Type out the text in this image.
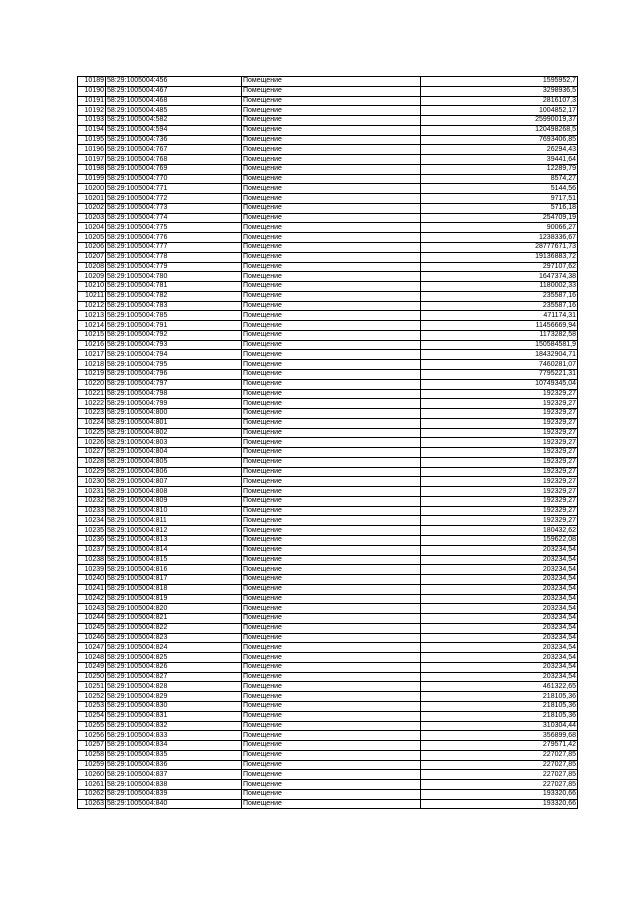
10189	58:29:1005004:456	Помещение	1595952,7
10190	58:29:1005004:467	Помещение	3298936,5
10191	58:29:1005004:468	Помещение	2816107,3
10192	58:29:1005004:485	Помещение	1004852,17
10193	58:29:1005004:582	Помещение	25990019,37
10194	58:29:1005004:594	Помещение	120498268,5
10195	58:29:1005004:736	Помещение	7693406,85
10196	58:29:1005004:767	Помещение	26294,43
10197	58:29:1005004:768	Помещение	39441,64
10198	58:29:1005004:769	Помещение	12289,79
10199	58:29:1005004:770	Помещение	8574,27
10200	58:29:1005004:771	Помещение	5144,56
10201	58:29:1005004:772	Помещение	9717,51
10202	58:29:1005004:773	Помещение	5716,18
10203	58:29:1005004:774	Помещение	254709,19
10204	58:29:1005004:775	Помещение	90066,27
10205	58:29:1005004:776	Помещение	1238336,67
10206	58:29:1005004:777	Помещение	28777671,73
10207	58:29:1005004:778	Помещение	19136883,72
10208	58:29:1005004:779	Помещение	297107,62
10209	58:29:1005004:780	Помещение	1647374,38
10210	58:29:1005004:781	Помещение	1180002,33
10211	58:29:1005004:782	Помещение	235587,16
10212	58:29:1005004:783	Помещение	235587,16
10213	58:29:1005004:785	Помещение	471174,31
10214	58:29:1005004:791	Помещение	11456669,94
10215	58:29:1005004:792	Помещение	1173282,58
10216	58:29:1005004:793	Помещение	150584581,9
10217	58:29:1005004:794	Помещение	18432904,71
10218	58:29:1005004:795	Помещение	7460281,07
10219	58:29:1005004:796	Помещение	7795221,31
10220	58:29:1005004:797	Помещение	10749345,04
10221	58:29:1005004:798	Помещение	192329,27
10222	58:29:1005004:799	Помещение	192329,27
10223	58:29:1005004:800	Помещение	192329,27
10224	58:29:1005004:801	Помещение	192329,27
10225	58:29:1005004:802	Помещение	192329,27
10226	58:29:1005004:803	Помещение	192329,27
10227	58:29:1005004:804	Помещение	192329,27
10228	58:29:1005004:805	Помещение	192329,27
10229	58:29:1005004:806	Помещение	192329,27
10230	58:29:1005004:807	Помещение	192329,27
10231	58:29:1005004:808	Помещение	192329,27
10232	58:29:1005004:809	Помещение	192329,27
10233	58:29:1005004:810	Помещение	192329,27
10234	58:29:1005004:811	Помещение	192329,27
10235	58:29:1005004:812	Помещение	180432,62
10236	58:29:1005004:813	Помещение	159622,08
10237	58:29:1005004:814	Помещение	203234,54
10238	58:29:1005004:815	Помещение	203234,54
10239	58:29:1005004:816	Помещение	203234,54
10240	58:29:1005004:817	Помещение	203234,54
10241	58:29:1005004:818	Помещение	203234,54
10242	58:29:1005004:819	Помещение	203234,54
10243	58:29:1005004:820	Помещение	203234,54
10244	58:29:1005004:821	Помещение	203234,54
10245	58:29:1005004:822	Помещение	203234,54
10246	58:29:1005004:823	Помещение	203234,54
10247	58:29:1005004:824	Помещение	203234,54
10248	58:29:1005004:825	Помещение	203234,54
10249	58:29:1005004:826	Помещение	203234,54
10250	58:29:1005004:827	Помещение	203234,54
10251	58:29:1005004:828	Помещение	461322,65
10252	58:29:1005004:829	Помещение	218105,36
10253	58:29:1005004:830	Помещение	218105,36
10254	58:29:1005004:831	Помещение	218105,36
10255	58:29:1005004:832	Помещение	310304,44
10256	58:29:1005004:833	Помещение	356899,68
10257	58:29:1005004:834	Помещение	279571,42
10258	58:29:1005004:835	Помещение	227027,85
10259	58:29:1005004:836	Помещение	227027,85
10260	58:29:1005004:837	Помещение	227027,85
10261	58:29:1005004:838	Помещение	227027,85
10262	58:29:1005004:839	Помещение	193320,66
10263	58:29:1005004:840	Помещение	193320,66
